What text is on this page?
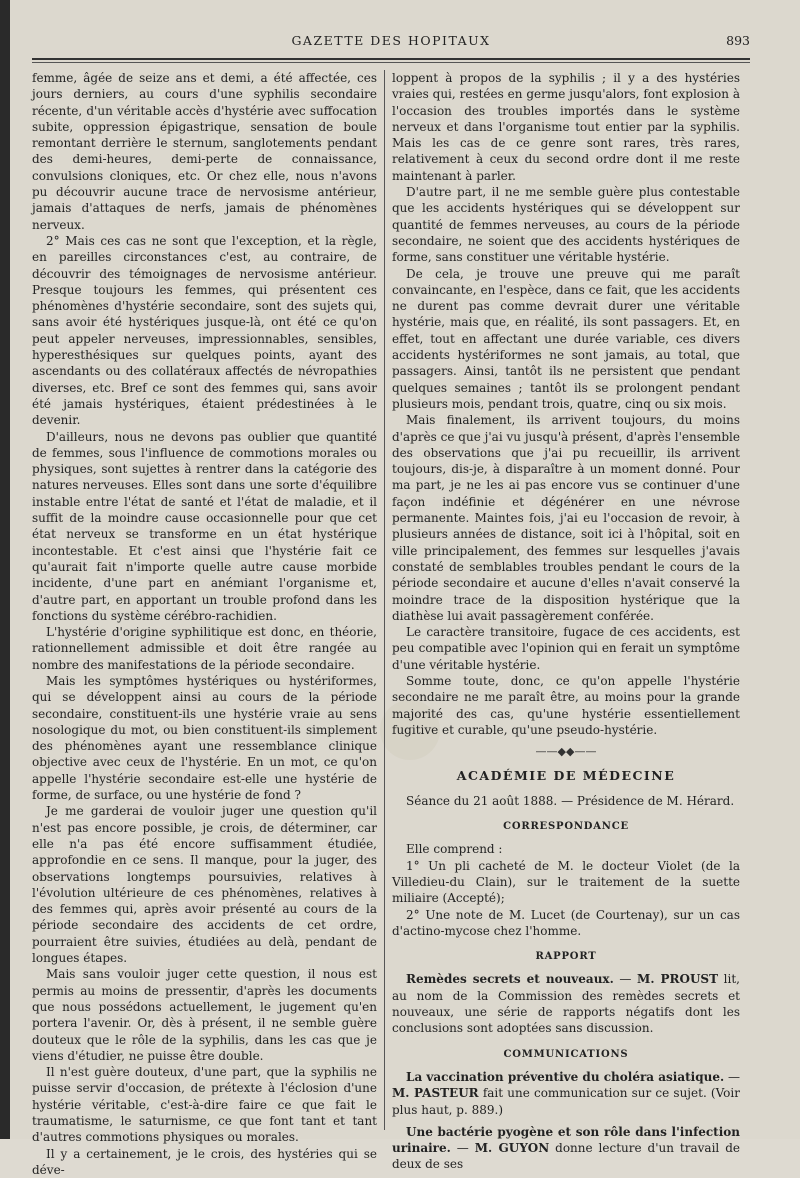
GAZETTE DES HOPITAUX	893

femme, âgée de seize ans et demi, a été affectée, ces jours derniers, au cours d'une syphilis secondaire récente, d'un véritable accès d'hystérie avec suffocation subite, oppression épigastrique, sensation de boule remontant derrière le sternum, sanglotements pendant des demi-heures, demi-perte de connaissance, convulsions cloniques, etc. Or chez elle, nous n'avons pu découvrir aucune trace de nervosisme antérieur, jamais d'attaques de nerfs, jamais de phénomènes nerveux.

2° Mais ces cas ne sont que l'exception, et la règle, en pareilles circonstances c'est, au contraire, de découvrir des témoignages de nervosisme antérieur. Presque toujours les femmes, qui présentent ces phénomènes d'hystérie secondaire, sont des sujets qui, sans avoir été hystériques jusque-là, ont été ce qu'on peut appeler nerveuses, impressionnables, sensibles, hyperesthésiques sur quelques points, ayant des ascendants ou des collatéraux affectés de névropathies diverses, etc. Bref ce sont des femmes qui, sans avoir été jamais hystériques, étaient prédestinées à le devenir.

D'ailleurs, nous ne devons pas oublier que quantité de femmes, sous l'influence de commotions morales ou physiques, sont sujettes à rentrer dans la catégorie des natures nerveuses. Elles sont dans une sorte d'équilibre instable entre l'état de santé et l'état de maladie, et il suffit de la moindre cause occasionnelle pour que cet état nerveux se transforme en un état hystérique incontestable. Et c'est ainsi que l'hystérie fait ce qu'aurait fait n'importe quelle autre cause morbide incidente, d'une part en anémiant l'organisme et, d'autre part, en apportant un trouble profond dans les fonctions du système cérébro-rachidien.

L'hystérie d'origine syphilitique est donc, en théorie, rationnellement admissible et doit être rangée au nombre des manifestations de la période secondaire.

Mais les symptômes hystériques ou hystériformes, qui se développent ainsi au cours de la période secondaire, constituent-ils une hystérie vraie au sens nosologique du mot, ou bien constituent-ils simplement des phénomènes ayant une ressemblance clinique objective avec ceux de l'hystérie. En un mot, ce qu'on appelle l'hystérie secondaire est-elle une hystérie de forme, de surface, ou une hystérie de fond ?

Je me garderai de vouloir juger une question qu'il n'est pas encore possible, je crois, de déterminer, car elle n'a pas été encore suffisamment étudiée, approfondie en ce sens. Il manque, pour la juger, des observations longtemps poursuivies, relatives à l'évolution ultérieure de ces phénomènes, relatives à des femmes qui, après avoir présenté au cours de la période secondaire des accidents de cet ordre, pourraient être suivies, étudiées au delà, pendant de longues étapes.

Mais sans vouloir juger cette question, il nous est permis au moins de pressentir, d'après les documents que nous possédons actuellement, le jugement qu'en portera l'avenir. Or, dès à présent, il ne semble guère douteux que le rôle de la syphilis, dans les cas que je viens d'étudier, ne puisse être double.

Il n'est guère douteux, d'une part, que la syphilis ne puisse servir d'occasion, de prétexte à l'éclosion d'une hystérie véritable, c'est-à-dire faire ce que fait le traumatisme, le saturnisme, ce que font tant et tant d'autres commotions physiques ou morales.

Il y a certainement, je le crois, des hystéries qui se déve-

loppent à propos de la syphilis ; il y a des hystéries vraies qui, restées en germe jusqu'alors, font explosion à l'occasion des troubles importés dans le système nerveux et dans l'organisme tout entier par la syphilis. Mais les cas de ce genre sont rares, très rares, relativement à ceux du second ordre dont il me reste maintenant à parler.

D'autre part, il ne me semble guère plus contestable que les accidents hystériques qui se développent sur quantité de femmes nerveuses, au cours de la période secondaire, ne soient que des accidents hystériques de forme, sans constituer une véritable hystérie.

De cela, je trouve une preuve qui me paraît convaincante, en l'espèce, dans ce fait, que les accidents ne durent pas comme devrait durer une véritable hystérie, mais que, en réalité, ils sont passagers. Et, en effet, tout en affectant une durée variable, ces divers accidents hystériformes ne sont jamais, au total, que passagers. Ainsi, tantôt ils ne persistent que pendant quelques semaines ; tantôt ils se prolongent pendant plusieurs mois, pendant trois, quatre, cinq ou six mois.

Mais finalement, ils arrivent toujours, du moins d'après ce que j'ai vu jusqu'à présent, d'après l'ensemble des observations que j'ai pu recueillir, ils arrivent toujours, dis-je, à disparaître à un moment donné. Pour ma part, je ne les ai pas encore vus se continuer d'une façon indéfinie et dégénérer en une névrose permanente. Maintes fois, j'ai eu l'occasion de revoir, à plusieurs années de distance, soit ici à l'hôpital, soit en ville principalement, des femmes sur lesquelles j'avais constaté de semblables troubles pendant le cours de la période secondaire et aucune d'elles n'avait conservé la moindre trace de la disposition hystérique que la diathèse lui avait passagèrement conférée.

Le caractère transitoire, fugace de ces accidents, est peu compatible avec l'opinion qui en ferait un symptôme d'une véritable hystérie.

Somme toute, donc, ce qu'on appelle l'hystérie secondaire ne me paraît être, au moins pour la grande majorité des cas, qu'une hystérie essentiellement fugitive et curable, qu'une pseudo-hystérie.

——◆◆——
ACADÉMIE DE MÉDECINE

Séance du 21 août 1888. — Présidence de M. Hérard.

CORRESPONDANCE

Elle comprend :

1° Un pli cacheté de M. le docteur Violet (de la Villedieu-du Clain), sur le traitement de la suette miliaire (Accepté);

2° Une note de M. Lucet (de Courtenay), sur un cas d'actino-mycose chez l'homme.

RAPPORT

Remèdes secrets et nouveaux. — M. PROUST lit, au nom de la Commission des remèdes secrets et nouveaux, une série de rapports négatifs dont les conclusions sont adoptées sans discussion.

COMMUNICATIONS

La vaccination préventive du choléra asiatique. — M. PASTEUR fait une communication sur ce sujet. (Voir plus haut, p. 889.)

Une bactérie pyogène et son rôle dans l'infection urinaire. — M. GUYON donne lecture d'un travail de deux de ses
